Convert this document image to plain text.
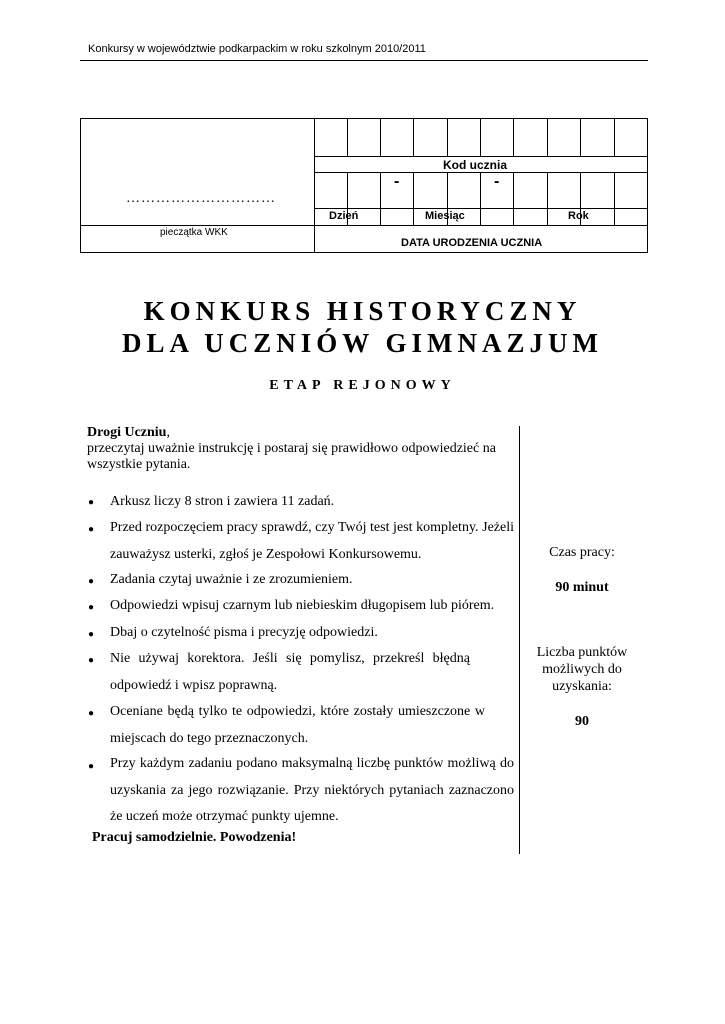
Konkursy w województwie podkarpackim w roku szkolnym 2010/2011
Kod ucznia
-	-
Dzień	Miesiąc	Rok
DATA URODZENIA UCZNIA
…………………………
pieczątka WKK
KONKURS HISTORYCZNY
DLA UCZNIÓW GIMNAZJUM
ETAP REJONOWY
Drogi Uczniu,
przeczytaj uważnie instrukcję i postaraj się prawidłowo odpowiedzieć na wszystkie pytania.
● Arkusz liczy 8 stron i zawiera 11 zadań.
● Przed rozpoczęciem pracy sprawdź, czy Twój test jest kompletny. Jeżeli zauważysz usterki, zgłoś je Zespołowi Konkursowemu.
● Zadania czytaj uważnie i ze zrozumieniem.
● Odpowiedzi wpisuj czarnym lub niebieskim długopisem lub piórem.
● Dbaj o czytelność pisma i precyzję odpowiedzi.
● Nie używaj korektora. Jeśli się pomylisz, przekreśl błędną odpowiedź i wpisz poprawną.
● Oceniane będą tylko te odpowiedzi, które zostały umieszczone w miejscach do tego przeznaczonych.
● Przy każdym zadaniu podano maksymalną liczbę punktów możliwą do uzyskania za jego rozwiązanie. Przy niektórych pytaniach zaznaczono że uczeń może otrzymać punkty ujemne.
Pracuj samodzielnie. Powodzenia!
Czas pracy:
90 minut
Liczba punktów możliwych do uzyskania:
90
